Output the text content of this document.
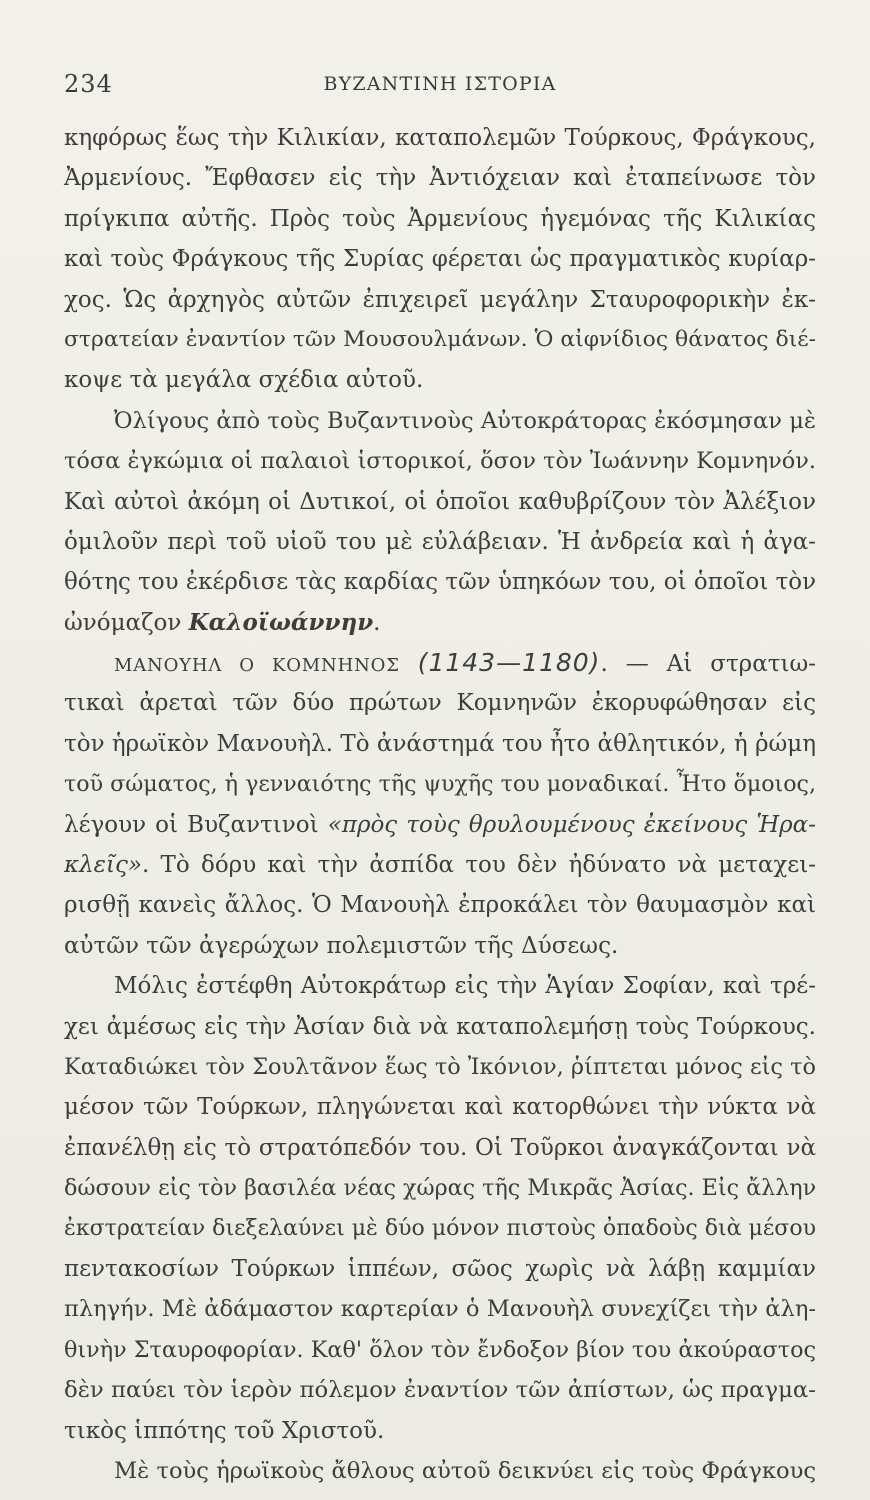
234	ΒΥΖΑΝΤΙΝΗ ΙΣΤΟΡΙΑ
κηφόρως ἕως τὴν Κιλικίαν, καταπολεμῶν Τούρκους, Φράγκους,
Ἀρμενίους. Ἔφθασεν εἰς τὴν Ἀντιόχειαν καὶ ἐταπείνωσε τὸν
πρίγκιπα αὐτῆς. Πρὸς τοὺς Ἀρμενίους ἡγεμόνας τῆς Κιλικίας
καὶ τοὺς Φράγκους τῆς Συρίας φέρεται ὡς πραγματικὸς κυρίαρ-
χος. Ὡς ἀρχηγὸς αὐτῶν ἐπιχειρεῖ μεγάλην Σταυροφορικὴν ἐκ-
στρατείαν ἐναντίον τῶν Μουσουλμάνων. Ὁ αἰφνίδιος θάνατος διέ-
κοψε τὰ μεγάλα σχέδια αὐτοῦ.
Ὀλίγους ἀπὸ τοὺς Βυζαντινοὺς Αὐτοκράτορας ἐκόσμησαν μὲ
τόσα ἐγκώμια οἱ παλαιοὶ ἱστορικοί, ὅσον τὸν Ἰωάννην Κομνηνόν.
Καὶ αὐτοὶ ἀκόμη οἱ Δυτικοί, οἱ ὁποῖοι καθυβρίζουν τὸν Ἀλέξιον
ὁμιλοῦν περὶ τοῦ υἱοῦ του μὲ εὐλάβειαν. Ἡ ἀνδρεία καὶ ἡ ἀγα-
θότης του ἐκέρδισε τὰς καρδίας τῶν ὑπηκόων του, οἱ ὁποῖοι τὸν
ὠνόμαζον Καλοϊωάννην.
ΜΑΝΟΥΗΛ Ο ΚΟΜΝΗΝΟΣ (1143—1180). — Αἱ στρατιω-
τικαὶ ἀρεταὶ τῶν δύο πρώτων Κομνηνῶν ἐκορυφώθησαν εἰς
τὸν ἡρωϊκὸν Μανουὴλ. Τὸ ἀνάστημά του ἦτο ἀθλητικόν, ἡ ῥώμη
τοῦ σώματος, ἡ γενναιότης τῆς ψυχῆς του μοναδικαί. Ἦτο ὅμοιος,
λέγουν οἱ Βυζαντινοὶ «πρὸς τοὺς θρυλουμένους ἐκείνους Ἡρα-
κλεῖς». Τὸ δόρυ καὶ τὴν ἀσπίδα του δὲν ἠδύνατο νὰ μεταχει-
ρισθῇ κανεὶς ἄλλος. Ὁ Μανουὴλ ἐπροκάλει τὸν θαυμασμὸν καὶ
αὐτῶν τῶν ἀγερώχων πολεμιστῶν τῆς Δύσεως.
Μόλις ἐστέφθη Αὐτοκράτωρ εἰς τὴν Ἁγίαν Σοφίαν, καὶ τρέ-
χει ἀμέσως εἰς τὴν Ἀσίαν διὰ νὰ καταπολεμήσῃ τοὺς Τούρκους.
Καταδιώκει τὸν Σουλτᾶνον ἕως τὸ Ἰκόνιον, ῥίπτεται μόνος εἰς τὸ
μέσον τῶν Τούρκων, πληγώνεται καὶ κατορθώνει τὴν νύκτα νὰ
ἐπανέλθῃ εἰς τὸ στρατόπεδόν του. Οἱ Τοῦρκοι ἀναγκάζονται νὰ
δώσουν εἰς τὸν βασιλέα νέας χώρας τῆς Μικρᾶς Ἀσίας. Εἰς ἄλλην
ἐκστρατείαν διεξελαύνει μὲ δύο μόνον πιστοὺς ὀπαδοὺς διὰ μέσου
πεντακοσίων Τούρκων ἱππέων, σῶος χωρὶς νὰ λάβῃ καμμίαν
πληγήν. Μὲ ἀδάμαστον καρτερίαν ὁ Μανουὴλ συνεχίζει τὴν ἀλη-
θινὴν Σταυροφορίαν. Καθ' ὅλον τὸν ἔνδοξον βίον του ἀκούραστος
δὲν παύει τὸν ἱερὸν πόλεμον ἐναντίον τῶν ἀπίστων, ὡς πραγμα-
τικὸς ἱππότης τοῦ Χριστοῦ.
Μὲ τοὺς ἡρωϊκοὺς ἄθλους αὐτοῦ δεικνύει εἰς τοὺς Φράγκους
